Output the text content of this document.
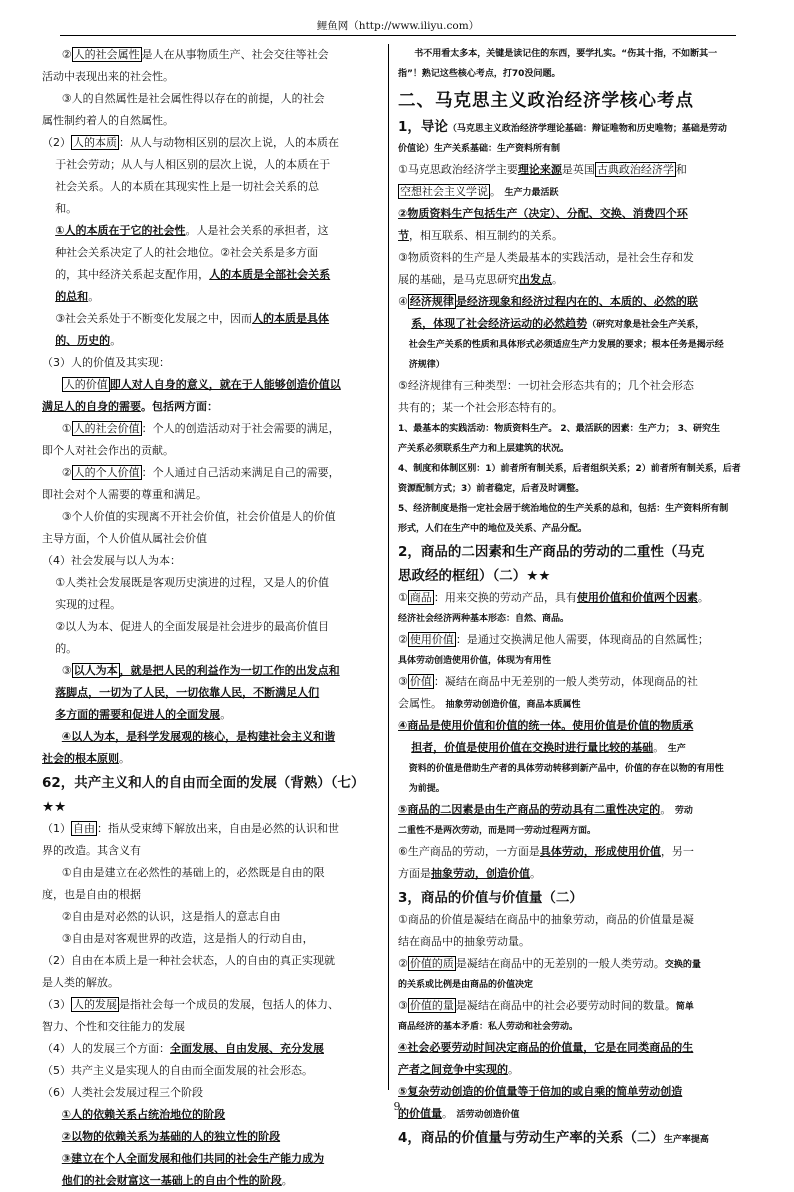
鲤鱼网（http://www.iliyu.com）

② 人的社会属性 是人在从事物质生产、社会交往等社会

活动中表现出来的社会性。

③人的自然属性是社会属性得以存在的前提，人的社会

属性制约着人的自然属性。

（2） 人的本质 ：从人与动物相区别的层次上说，人的本质在

于社会劳动；从人与人相区别的层次上说，人的本质在于

社会关系。人的本质在其现实性上是一切社会关系的总

和。

①人的本质在于它的社会性。人是社会关系的承担者，这

种社会关系决定了人的社会地位。②社会关系是多方面

的，其中经济关系起支配作用，人的本质是全部社会关系

的总和。

③社会关系处于不断变化发展之中，因而人的本质是具体

的、历史的。

（3）人的价值及其实现：

人的价值 即人对人自身的意义，就在于人能够创造价值以

满足人的自身的需要。包括两方面：

① 人的社会价值 ：个人的创造活动对于社会需要的满足，

即个人对社会作出的贡献。

② 人的个人价值 ：个人通过自己活动来满足自己的需要，

即社会对个人需要的尊重和满足。

③个人价值的实现离不开社会价值，社会价值是人的价值

主导方面，个人价值从属社会价值

（4）社会发展与以人为本：

①人类社会发展既是客观历史演进的过程，又是人的价值

实现的过程。

②以人为本、促进人的全面发展是社会进步的最高价值目

的。

③ 以人为本 ，就是把人民的利益作为一切工作的出发点和

落脚点，一切为了人民，一切依靠人民，不断满足人们

多方面的需要和促进人的全面发展。

④以人为本，是科学发展观的核心，是构建社会主义和谐

社会的根本原则。

62，共产主义和人的自由而全面的发展（背熟）（七）

★★

（1） 自由 ：指从受束缚下解放出来，自由是必然的认识和世

界的改造。其含义有

①自由是建立在必然性的基础上的，必然既是自由的限

度，也是自由的根据

②自由是对必然的认识，这是指人的意志自由

③自由是对客观世界的改造，这是指人的行动自由，

（2）自由在本质上是一种社会状态，人的自由的真正实现就

是人类的解放。

（3） 人的发展 是指社会每一个成员的发展，包括人的体力、

智力、个性和交往能力的发展

（4）人的发展三个方面：全面发展、自由发展、充分发展

（5）共产主义是实现人的自由而全面发展的社会形态。

（6）人类社会发展过程三个阶段

①人的依赖关系占统治地位的阶段

②以物的依赖关系为基础的人的独立性的阶段

③建立在个人全面发展和他们共同的社会生产能力成为

他们的社会财富这一基础上的自由个性的阶段。

书不用看太多本，关键是读记住的东西，要学扎实。“伤其十指，不如断其一

指”！熟记这些核心考点，打70没问题。

二、马克思主义政治经济学核心考点

1，导论（马克思主义政治经济学理论基础：辩证唯物和历史唯物；基础是劳动

价值论）生产关系基础：生产资料所有制

①马克思政治经济学主要理论来源是英国 古典政治经济学 和

空想社会主义学说 。 生产力最活跃

②物质资料生产包括生产（决定）、分配、交换、消费四个环

节，相互联系、相互制约的关系。

③物质资料的生产是人类最基本的实践活动，是社会生存和发

展的基础，是马克思研究出发点。

④ 经济规律 是经济现象和经济过程内在的、本质的、必然的联

系，体现了社会经济运动的必然趋势（研究对象是社会生产关系，

社会生产关系的性质和具体形式必须适应生产力发展的要求；根本任务是揭示经

济规律）

⑤经济规律有三种类型：一切社会形态共有的；几个社会形态

共有的；某一个社会形态特有的。

1、最基本的实践活动：物质资料生产。 2、最活跃的因素：生产力； 3、研究生

产关系必须联系生产力和上层建筑的状况。

4、制度和体制区别：1）前者所有制关系，后者组织关系；2）前者所有制关系，后者

资源配制方式；3）前者稳定，后者及时调整。

5、经济制度是指一定社会居于统治地位的生产关系的总和，包括：生产资料所有制

形式，人们在生产中的地位及关系、产品分配。

2，商品的二因素和生产商品的劳动的二重性（马克

思政经的框纽）（二）★★

① 商品 ：用来交换的劳动产品，具有使用价值和价值两个因素。

经济社会经济两种基本形态：自然、商品。

② 使用价值 ：是通过交换满足他人需要，体现商品的自然属性；

具体劳动创造使用价值，体现为有用性

③ 价值 ：凝结在商品中无差别的一般人类劳动，体现商品的社

会属性。 抽象劳动创造价值，商品本质属性

④商品是使用价值和价值的统一体。使用价值是价值的物质承

担者，价值是使用价值在交换时进行量比较的基础。 生产

资料的价值是借助生产者的具体劳动转移到新产品中，价值的存在以物的有用性

为前提。

⑤商品的二因素是由生产商品的劳动具有二重性决定的。 劳动

二重性不是两次劳动，而是同一劳动过程两方面。

⑥生产商品的劳动，一方面是具体劳动，形成使用价值，另一

方面是抽象劳动，创造价值。

3，商品的价值与价值量（二）

①商品的价值是凝结在商品中的抽象劳动，商品的价值量是凝

结在商品中的抽象劳动量。

② 价值的质 是凝结在商品中的无差别的一般人类劳动。交换的量

的关系或比例是由商品的价值决定

③ 价值的量 是凝结在商品中的社会必要劳动时间的数量。简单

商品经济的基本矛盾：私人劳动和社会劳动。

④社会必要劳动时间决定商品的价值量，它是在同类商品的生

产者之间竞争中实现的。

⑤复杂劳动创造的价值量等于倍加的或自乘的简单劳动创造

的价值量。 活劳动创造价值

4，商品的价值量与劳动生产率的关系（二）生产率提高

9
